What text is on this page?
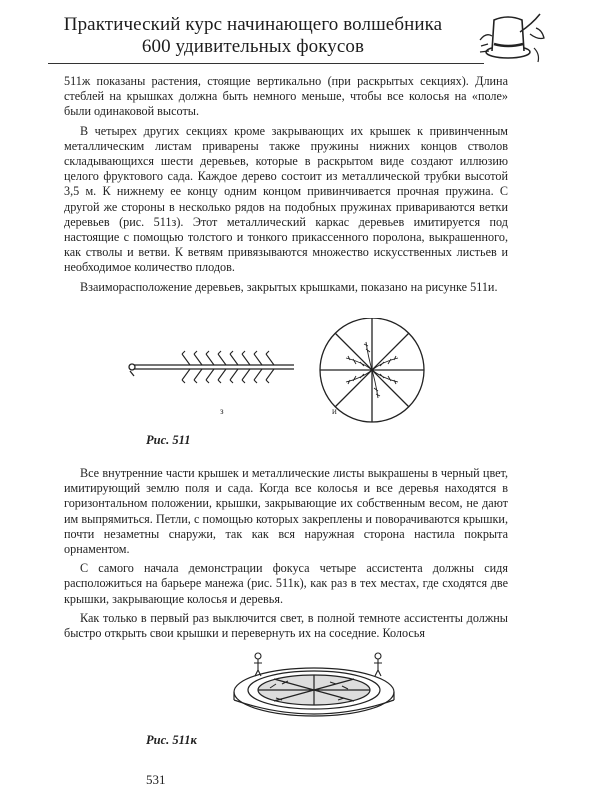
Практический курс начинающего волшебника
600 удивительных фокусов

511ж показаны растения, стоящие вертикально (при раскрытых секциях). Длина стеблей на крышках должна быть немного меньше, чтобы все колосья на «поле» были одинаковой высоты.

В четырех других секциях кроме закрывающих их крышек к привинченным металлическим листам приварены также пружины нижних концов стволов складывающихся шести деревьев, которые в раскрытом виде создают иллюзию целого фруктового сада. Каждое дерево состоит из металлической трубки высотой 3,5 м. К нижнему ее концу одним концом привинчивается прочная пружина. С другой же стороны в несколько рядов на подобных пружинах привариваются ветки деревьев (рис. 511з). Этот металлический каркас деревьев имитируется под настоящие с помощью толстого и тонкого прикассенного поролона, выкрашенного, как стволы и ветви. К ветвям привязываются множество искусственных листьев и необходимое количество плодов.

Взаиморасположение деревьев, закрытых крышками, показано на рисунке 511и.

з	и
Рис. 511

Все внутренние части крышек и металлические листы выкрашены в черный цвет, имитирующий землю поля и сада. Когда все колосья и все деревья находятся в горизонтальном положении, крышки, закрывающие их собственным весом, не дают им выпрямиться. Петли, с помощью которых закреплены и поворачиваются крышки, почти незаметны снаружи, так как вся наружная сторона настила покрыта орнаментом.

С самого начала демонстрации фокуса четыре ассистента должны сидя расположиться на барьере манежа (рис. 511к), как раз в тех местах, где сходятся две крышки, закрывающие колосья и деревья.

Как только в первый раз выключится свет, в полной темноте ассистенты должны быстро открыть свои крышки и перевернуть их на соседние. Колосья

Рис. 511к
531
